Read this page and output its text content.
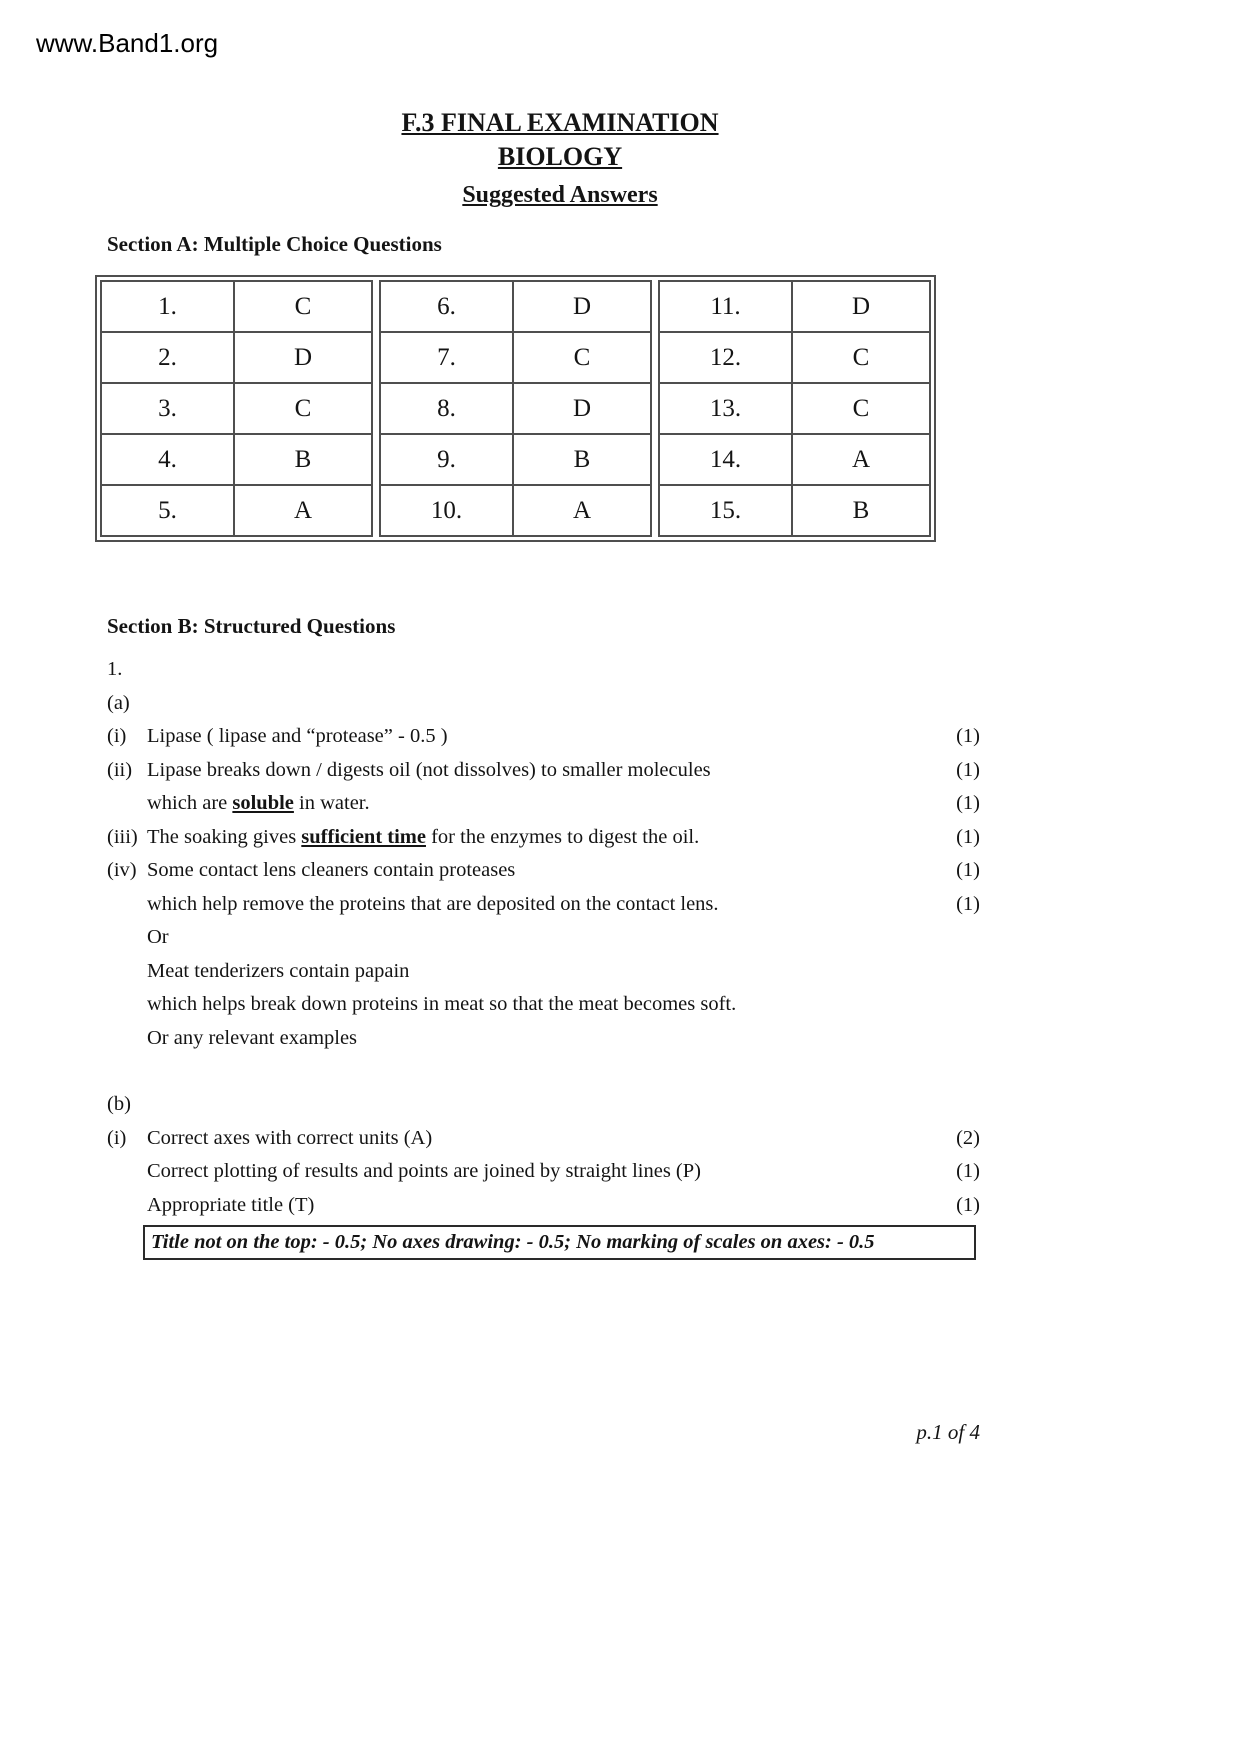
www.Band1.org
F.3 FINAL EXAMINATION
BIOLOGY
Suggested Answers
Section A: Multiple Choice Questions
1.	C
2.	D
3.	C
4.	B
5.	A
6.	D
7.	C
8.	D
9.	B
10.	A
11.	D
12.	C
13.	C
14.	A
15.	B
Section B: Structured Questions
1.
(a)
(i)	Lipase ( lipase and “protease” - 0.5 )	(1)
(ii) Lipase breaks down / digests oil (not dissolves) to smaller molecules	(1)
which are soluble in water.	(1)
(iii) The soaking gives sufficient time for the enzymes to digest the oil.	(1)
(iv) Some contact lens cleaners contain proteases	(1)
which help remove the proteins that are deposited on the contact lens.	(1)
Or
Meat tenderizers contain papain
which helps break down proteins in meat so that the meat becomes soft.
Or any relevant examples
(b)
(i)	Correct axes with correct units (A)	(2)
Correct plotting of results and points are joined by straight lines (P)	(1)
Appropriate title (T)	(1)
Title not on the top: - 0.5; No axes drawing: - 0.5; No marking of scales on axes: - 0.5
p.1 of 4
